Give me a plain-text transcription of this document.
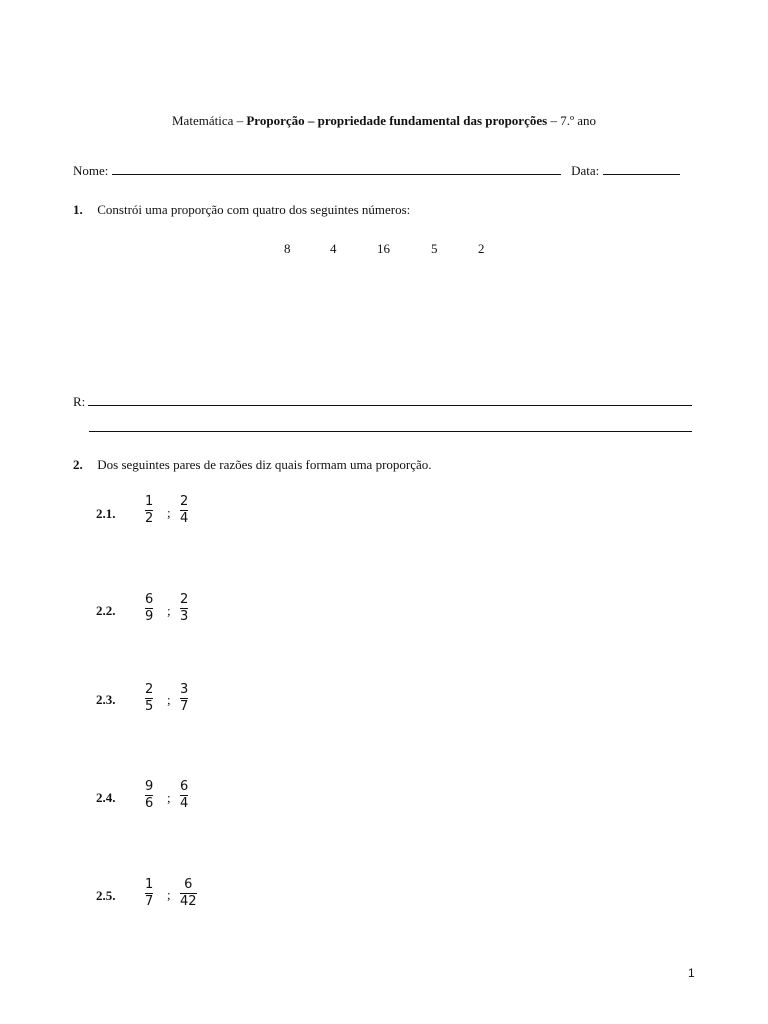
Matemática – Proporção – propriedade fundamental das proporções – 7.º ano
Nome:	Data:
1. Constrói uma proporção com quatro dos seguintes números:
8	4	16	5	2
R:
2. Dos seguintes pares de razões diz quais formam uma proporção.
2.1.
1
2 ;
2
4
2.2.
6
9 ;
2
3
2.3.
2
5 ;
3
7
2.4.
9
6 ;
6
4
2.5.
1
7 ;
6
42
1
